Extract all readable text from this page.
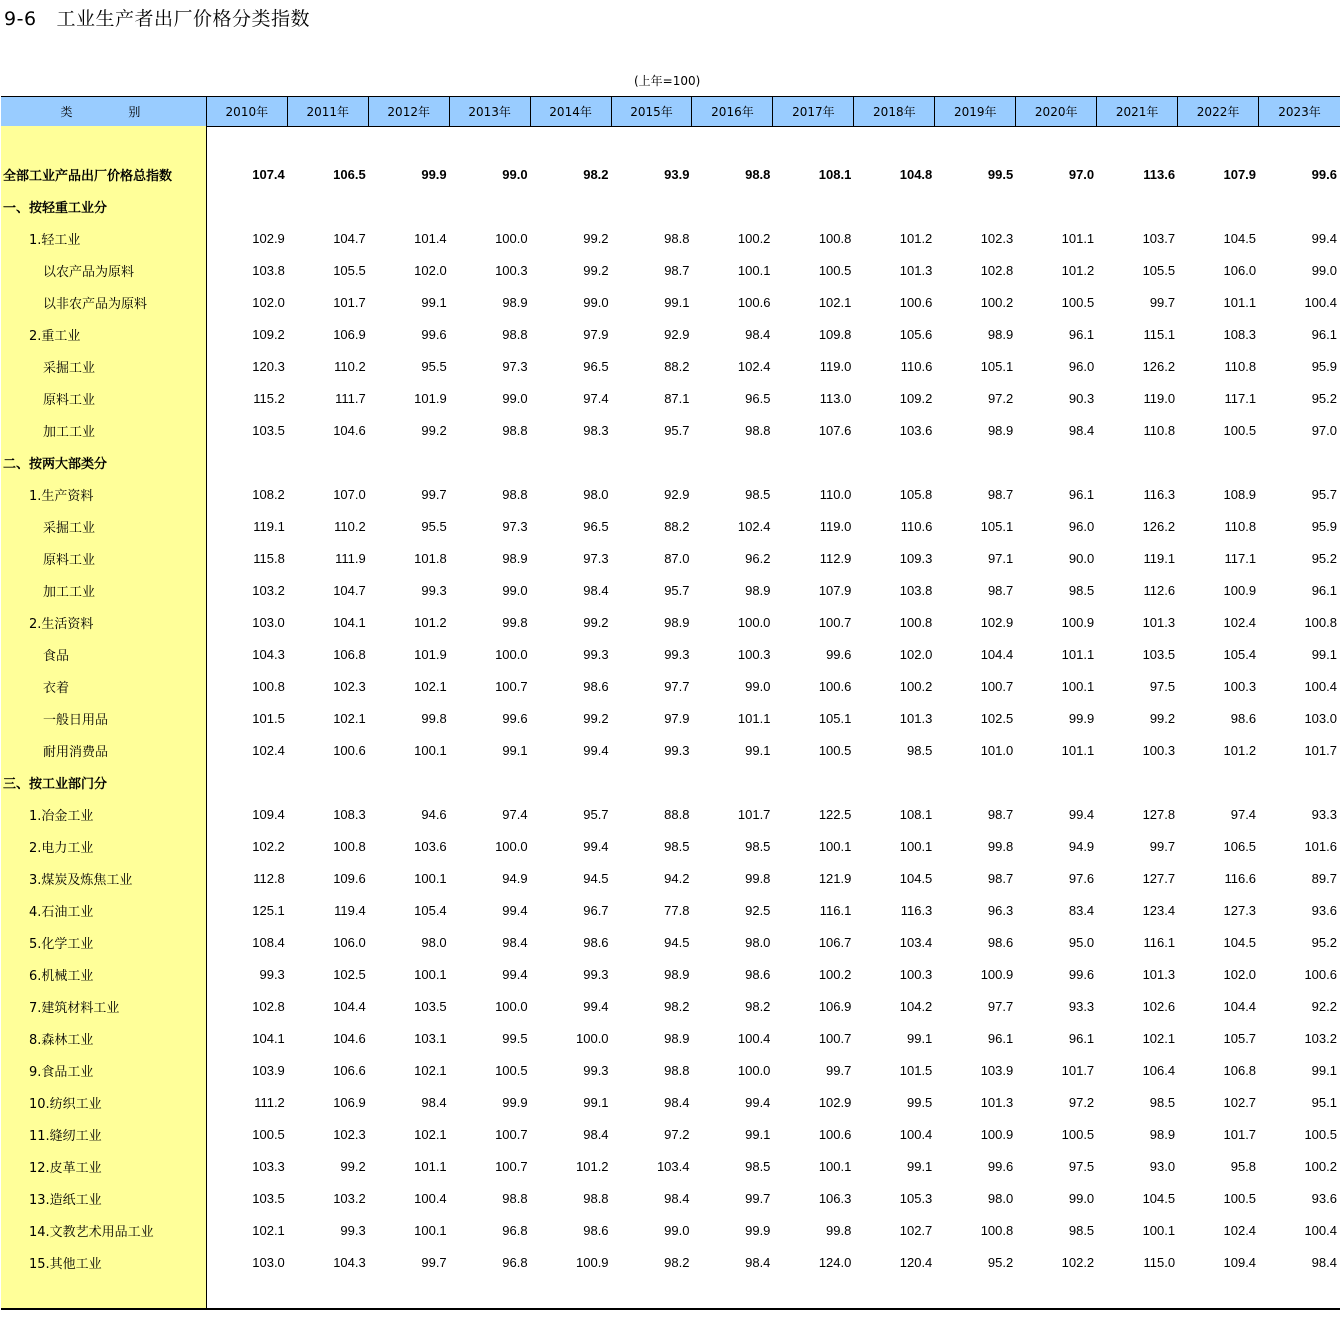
9-6 工业生产者出厂价格分类指数
(上年=100)
类 别	2010年	2011年	2012年	2013年	2014年	2015年	2016年	2017年	2018年	2019年	2020年	2021年	2022年	2023年
全部工业产品出厂价格总指数	107.4	106.5	99.9	99.0	98.2	93.9	98.8	108.1	104.8	99.5	97.0	113.6	107.9	99.6
一、按轻重工业分
1.轻工业	102.9	104.7	101.4	100.0	99.2	98.8	100.2	100.8	101.2	102.3	101.1	103.7	104.5	99.4
以农产品为原料	103.8	105.5	102.0	100.3	99.2	98.7	100.1	100.5	101.3	102.8	101.2	105.5	106.0	99.0
以非农产品为原料	102.0	101.7	99.1	98.9	99.0	99.1	100.6	102.1	100.6	100.2	100.5	99.7	101.1	100.4
2.重工业	109.2	106.9	99.6	98.8	97.9	92.9	98.4	109.8	105.6	98.9	96.1	115.1	108.3	96.1
采掘工业	120.3	110.2	95.5	97.3	96.5	88.2	102.4	119.0	110.6	105.1	96.0	126.2	110.8	95.9
原料工业	115.2	111.7	101.9	99.0	97.4	87.1	96.5	113.0	109.2	97.2	90.3	119.0	117.1	95.2
加工工业	103.5	104.6	99.2	98.8	98.3	95.7	98.8	107.6	103.6	98.9	98.4	110.8	100.5	97.0
二、按两大部类分
1.生产资料	108.2	107.0	99.7	98.8	98.0	92.9	98.5	110.0	105.8	98.7	96.1	116.3	108.9	95.7
采掘工业	119.1	110.2	95.5	97.3	96.5	88.2	102.4	119.0	110.6	105.1	96.0	126.2	110.8	95.9
原料工业	115.8	111.9	101.8	98.9	97.3	87.0	96.2	112.9	109.3	97.1	90.0	119.1	117.1	95.2
加工工业	103.2	104.7	99.3	99.0	98.4	95.7	98.9	107.9	103.8	98.7	98.5	112.6	100.9	96.1
2.生活资料	103.0	104.1	101.2	99.8	99.2	98.9	100.0	100.7	100.8	102.9	100.9	101.3	102.4	100.8
食品	104.3	106.8	101.9	100.0	99.3	99.3	100.3	99.6	102.0	104.4	101.1	103.5	105.4	99.1
衣着	100.8	102.3	102.1	100.7	98.6	97.7	99.0	100.6	100.2	100.7	100.1	97.5	100.3	100.4
一般日用品	101.5	102.1	99.8	99.6	99.2	97.9	101.1	105.1	101.3	102.5	99.9	99.2	98.6	103.0
耐用消费品	102.4	100.6	100.1	99.1	99.4	99.3	99.1	100.5	98.5	101.0	101.1	100.3	101.2	101.7
三、按工业部门分
1.冶金工业	109.4	108.3	94.6	97.4	95.7	88.8	101.7	122.5	108.1	98.7	99.4	127.8	97.4	93.3
2.电力工业	102.2	100.8	103.6	100.0	99.4	98.5	98.5	100.1	100.1	99.8	94.9	99.7	106.5	101.6
3.煤炭及炼焦工业	112.8	109.6	100.1	94.9	94.5	94.2	99.8	121.9	104.5	98.7	97.6	127.7	116.6	89.7
4.石油工业	125.1	119.4	105.4	99.4	96.7	77.8	92.5	116.1	116.3	96.3	83.4	123.4	127.3	93.6
5.化学工业	108.4	106.0	98.0	98.4	98.6	94.5	98.0	106.7	103.4	98.6	95.0	116.1	104.5	95.2
6.机械工业	99.3	102.5	100.1	99.4	99.3	98.9	98.6	100.2	100.3	100.9	99.6	101.3	102.0	100.6
7.建筑材料工业	102.8	104.4	103.5	100.0	99.4	98.2	98.2	106.9	104.2	97.7	93.3	102.6	104.4	92.2
8.森林工业	104.1	104.6	103.1	99.5	100.0	98.9	100.4	100.7	99.1	96.1	96.1	102.1	105.7	103.2
9.食品工业	103.9	106.6	102.1	100.5	99.3	98.8	100.0	99.7	101.5	103.9	101.7	106.4	106.8	99.1
10.纺织工业	111.2	106.9	98.4	99.9	99.1	98.4	99.4	102.9	99.5	101.3	97.2	98.5	102.7	95.1
11.缝纫工业	100.5	102.3	102.1	100.7	98.4	97.2	99.1	100.6	100.4	100.9	100.5	98.9	101.7	100.5
12.皮革工业	103.3	99.2	101.1	100.7	101.2	103.4	98.5	100.1	99.1	99.6	97.5	93.0	95.8	100.2
13.造纸工业	103.5	103.2	100.4	98.8	98.8	98.4	99.7	106.3	105.3	98.0	99.0	104.5	100.5	93.6
14.文教艺术用品工业	102.1	99.3	100.1	96.8	98.6	99.0	99.9	99.8	102.7	100.8	98.5	100.1	102.4	100.4
15.其他工业	103.0	104.3	99.7	96.8	100.9	98.2	98.4	124.0	120.4	95.2	102.2	115.0	109.4	98.4
